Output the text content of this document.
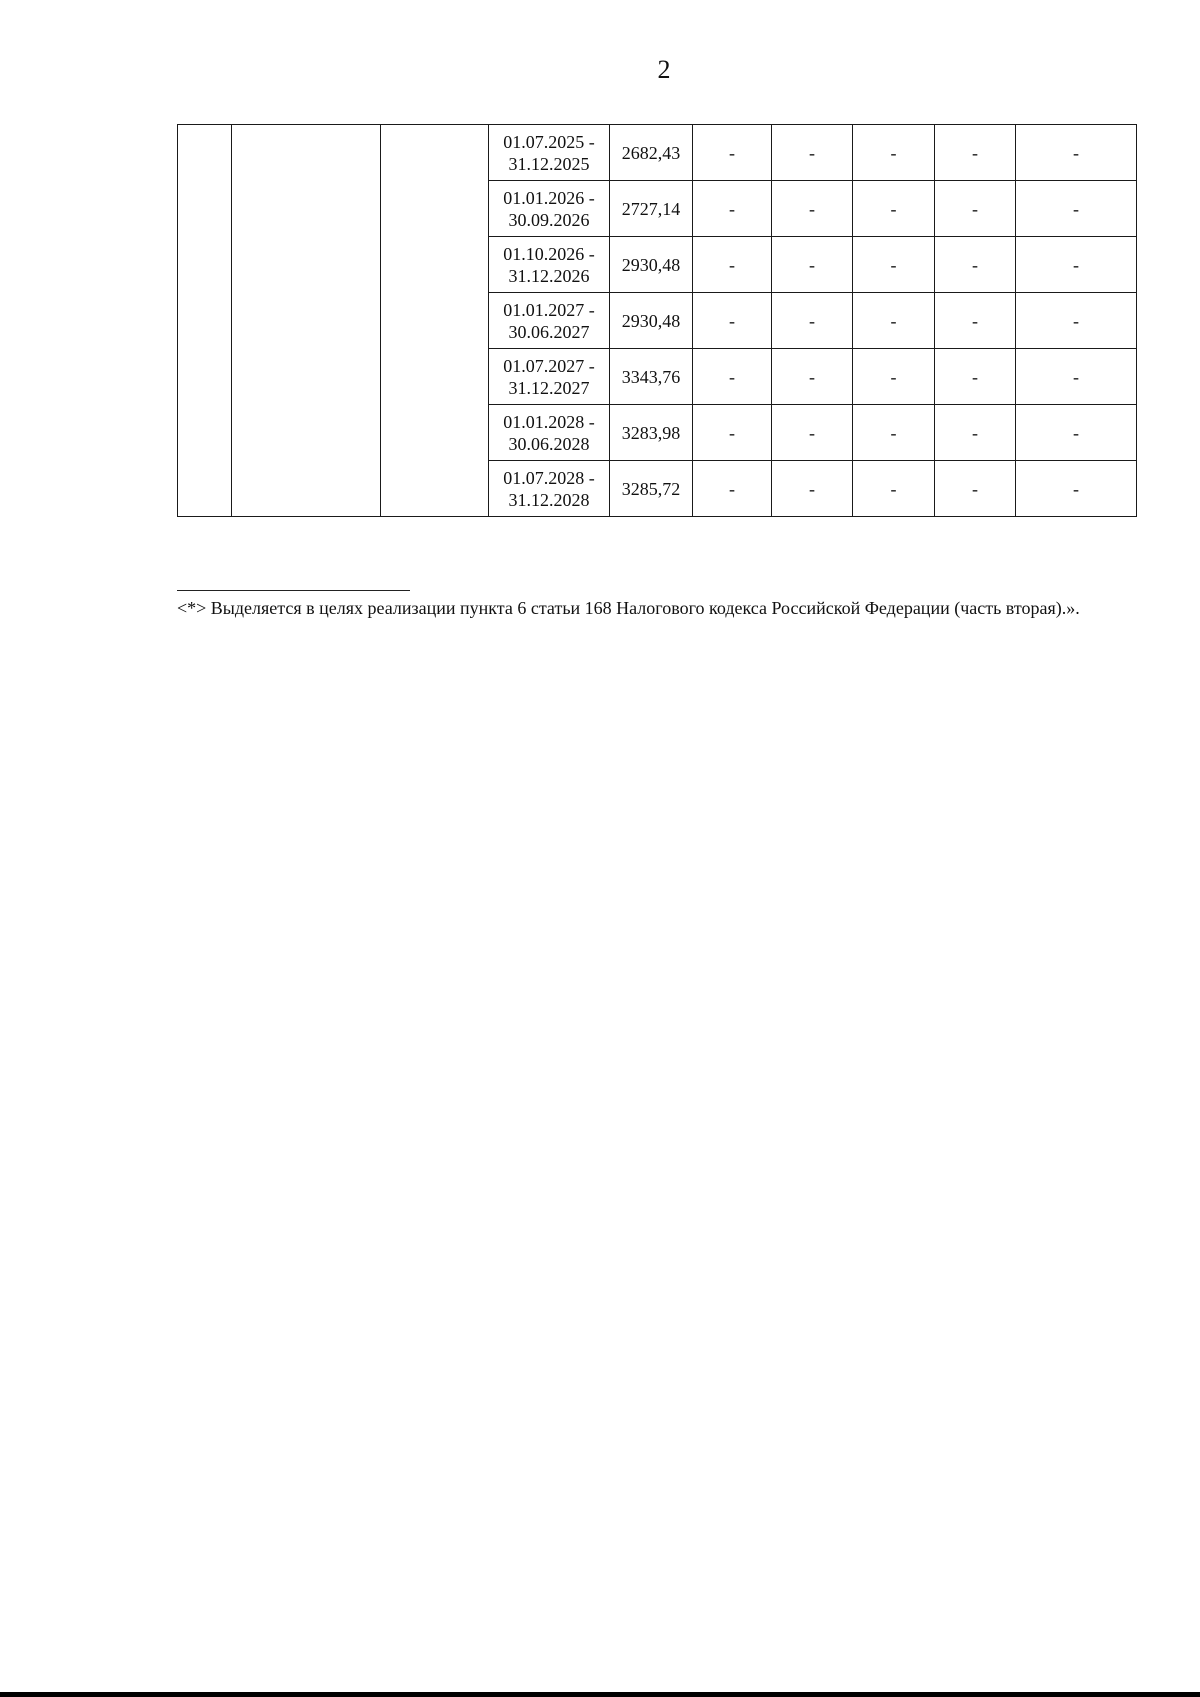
2
			01.07.2025 -
31.12.2025	2682,43	-	-	-	-	-
			01.01.2026 -
30.09.2026	2727,14	-	-	-	-	-
			01.10.2026 -
31.12.2026	2930,48	-	-	-	-	-
			01.01.2027 -
30.06.2027	2930,48	-	-	-	-	-
			01.07.2027 -
31.12.2027	3343,76	-	-	-	-	-
			01.01.2028 -
30.06.2028	3283,98	-	-	-	-	-
			01.07.2028 -
31.12.2028	3285,72	-	-	-	-	-
<*> Выделяется в целях реализации пункта 6 статьи 168 Налогового кодекса Российской Федерации (часть вторая).».
